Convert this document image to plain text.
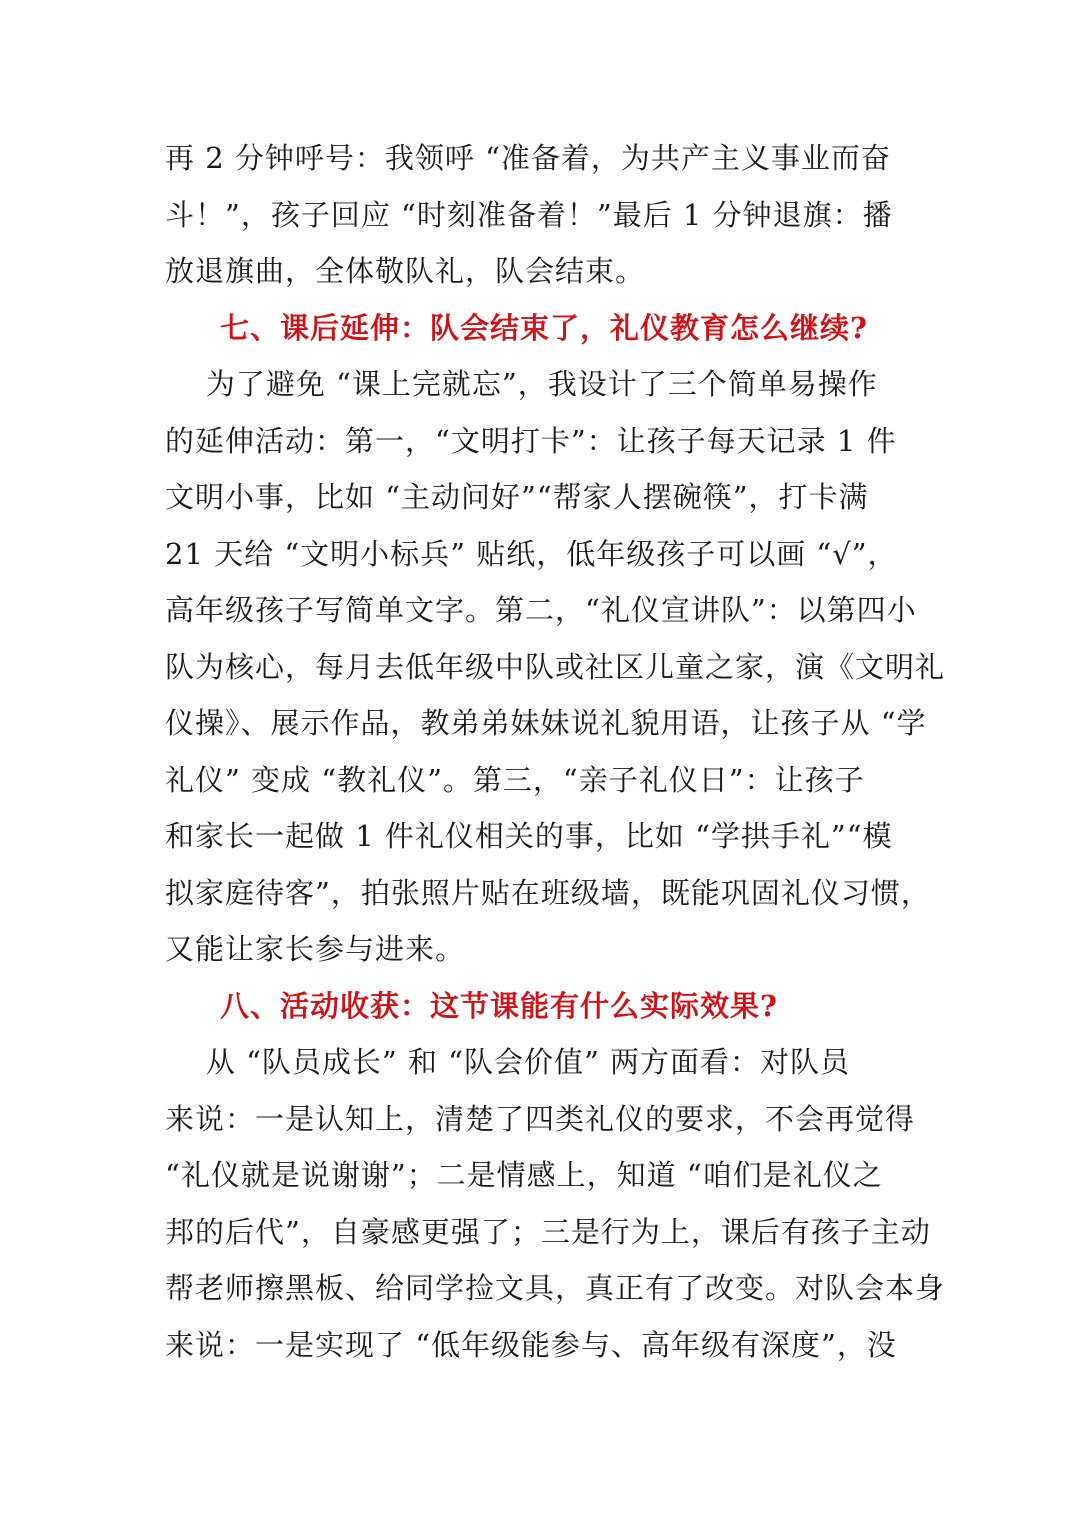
再 2 分钟呼号：我领呼 “准备着，为共产主义事业而奋
斗！”，孩子回应 “时刻准备着！”最后 1 分钟退旗：播
放退旗曲，全体敬队礼，队会结束。
七、课后延伸：队会结束了，礼仪教育怎么继续?
为了避免 “课上完就忘”，我设计了三个简单易操作
的延伸活动：第一，“文明打卡”：让孩子每天记录 1 件
文明小事，比如 “主动问好”“帮家人摆碗筷”，打卡满
21 天给 “文明小标兵” 贴纸，低年级孩子可以画 “√”，
高年级孩子写简单文字。第二，“礼仪宣讲队”：以第四小
队为核心，每月去低年级中队或社区儿童之家，演《文明礼
仪操》、展示作品，教弟弟妹妹说礼貌用语，让孩子从 “学
礼仪” 变成 “教礼仪”。第三，“亲子礼仪日”：让孩子
和家长一起做 1 件礼仪相关的事，比如 “学拱手礼”“模
拟家庭待客”，拍张照片贴在班级墙，既能巩固礼仪习惯，
又能让家长参与进来。
八、活动收获：这节课能有什么实际效果?
从 “队员成长” 和 “队会价值” 两方面看：对队员
来说：一是认知上，清楚了四类礼仪的要求，不会再觉得
“礼仪就是说谢谢”；二是情感上，知道 “咱们是礼仪之
邦的后代”，自豪感更强了；三是行为上，课后有孩子主动
帮老师擦黑板、给同学捡文具，真正有了改变。对队会本身
来说：一是实现了 “低年级能参与、高年级有深度”，没
